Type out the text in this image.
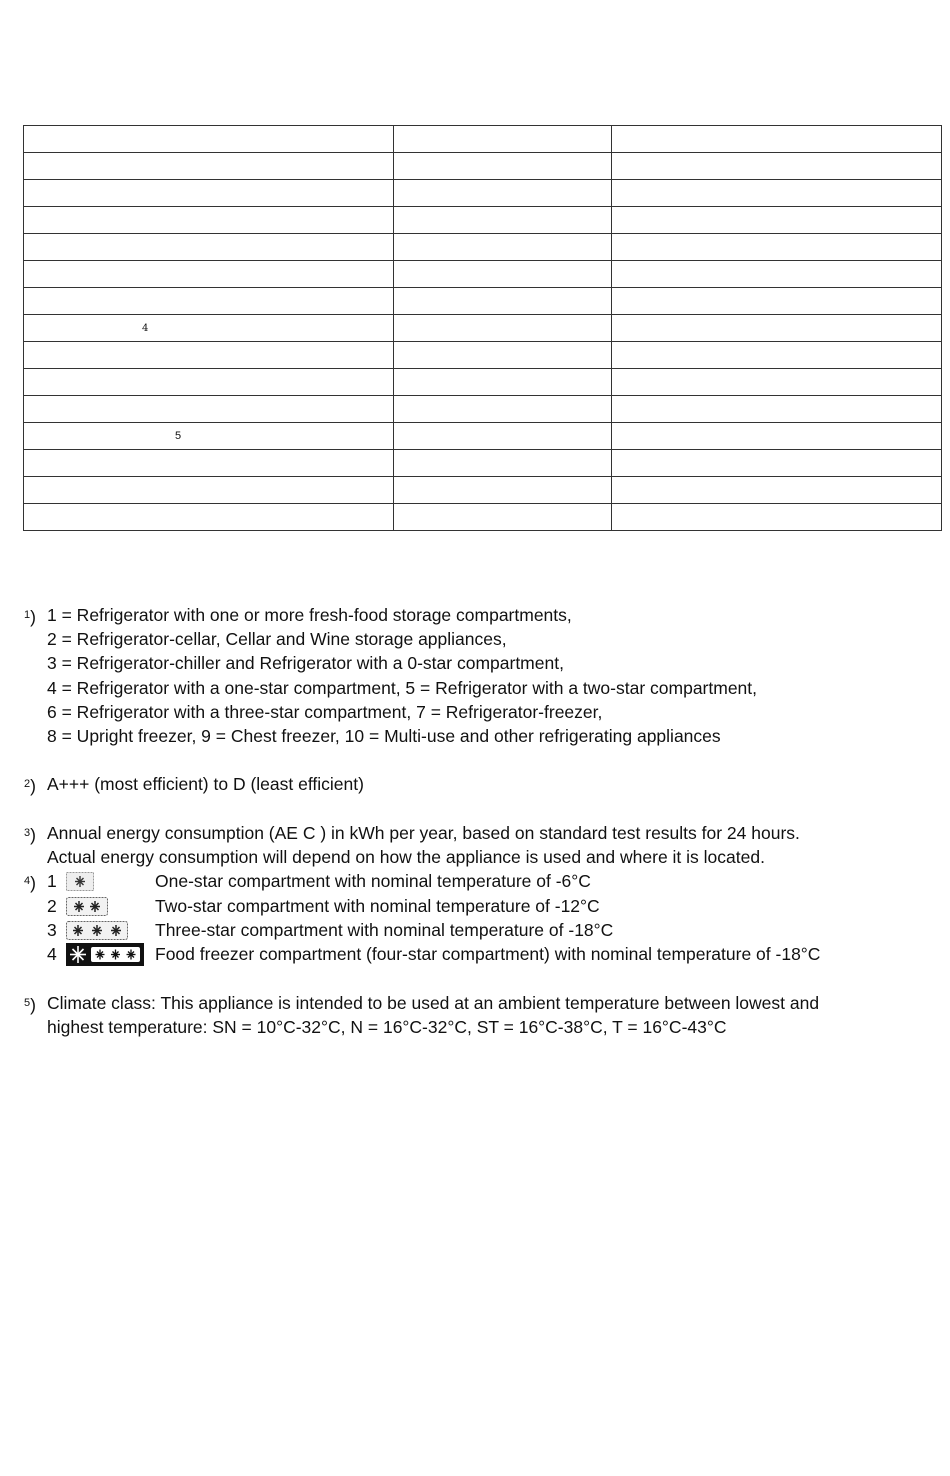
4		

5		

$^1$) 1 = Refrigerator with one or more fresh-food storage compartments,
2 = Refrigerator-cellar, Cellar and Wine storage appliances,
3 = Refrigerator-chiller and Refrigerator with a 0-star compartment,
4 = Refrigerator with a one-star compartment, 5 = Refrigerator with a two-star compartment,
6 = Refrigerator with a three-star compartment, 7 = Refrigerator-freezer,
8 = Upright freezer, 9 = Chest freezer, 10 = Multi-use and other refrigerating appliances
$^2$) A+++ (most efficient) to D (least efficient)
$^3$) Annual energy consumption (AE C ) in kWh per year, based on standard test results for 24 hours.
Actual energy consumption will depend on how the appliance is used and where it is located.
$^4$) 1	One-star compartment with nominal temperature of -6°C
2	Two-star compartment with nominal temperature of -12°C
3	Three-star compartment with nominal temperature of -18°C
4	Food freezer compartment (four-star compartment) with nominal temperature of -18°C
$^5$) Climate class: This appliance is intended to be used at an ambient temperature between lowest and
highest temperature: SN = 10°C-32°C, N = 16°C-32°C, ST = 16°C-38°C, T = 16°C-43°C
